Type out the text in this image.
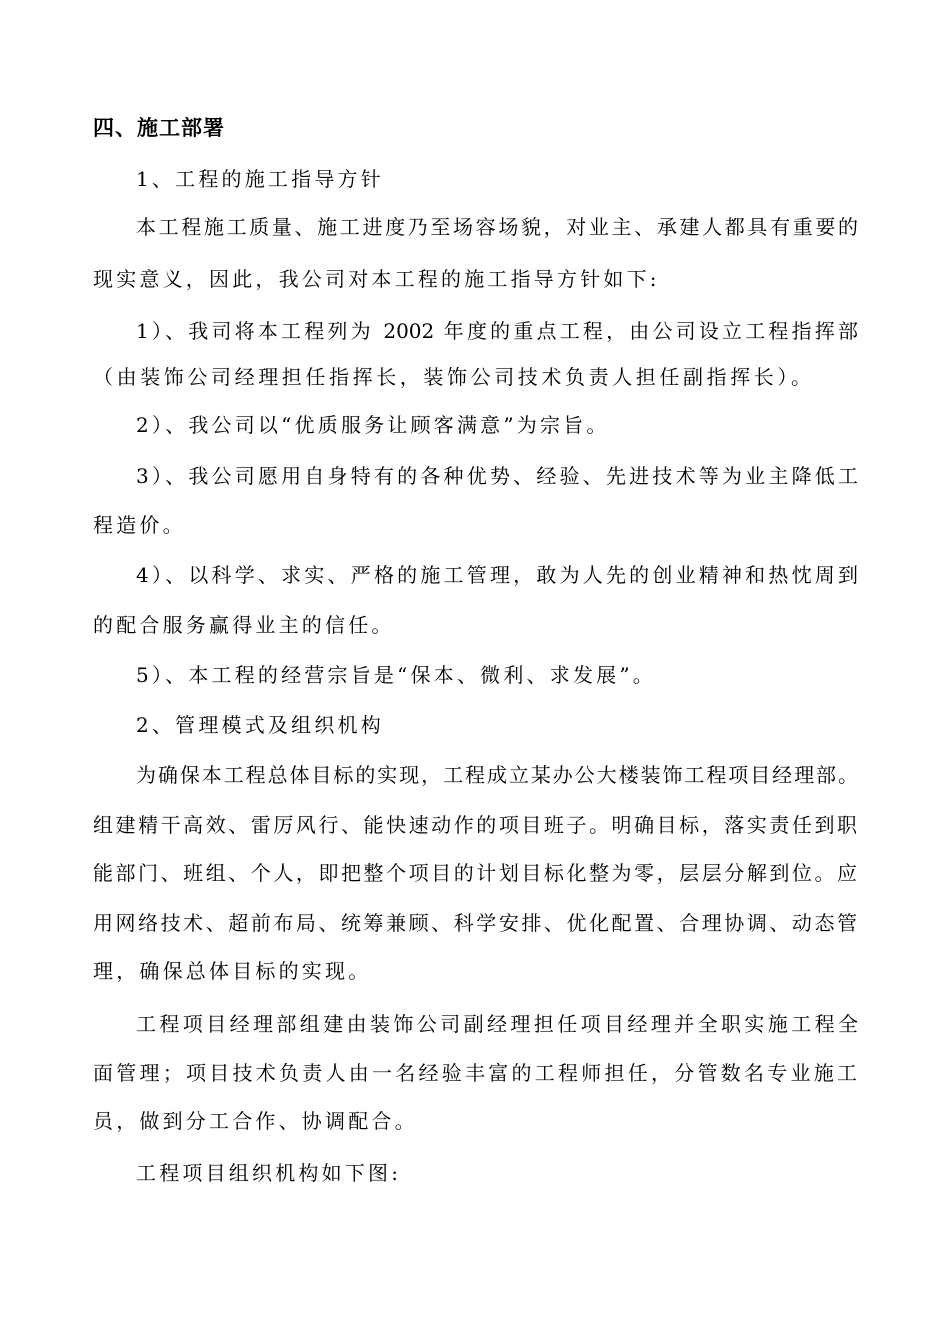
四、施工部署
1、工程的施工指导方针
本工程施工质量、施工进度乃至场容场貌，对业主、承建人都具有重要的
现实意义，因此，我公司对本工程的施工指导方针如下:
1）、我司将本工程列为 2002 年度的重点工程，由公司设立工程指挥部
（由装饰公司经理担任指挥长，装饰公司技术负责人担任副指挥长）。
2）、我公司以“优质服务让顾客满意”为宗旨。
3）、我公司愿用自身特有的各种优势、经验、先进技术等为业主降低工
程造价。
4）、以科学、求实、严格的施工管理，敢为人先的创业精神和热忱周到
的配合服务赢得业主的信任。
5）、本工程的经营宗旨是“保本、微利、求发展”。
2、管理模式及组织机构
为确保本工程总体目标的实现，工程成立某办公大楼装饰工程项目经理部。
组建精干高效、雷厉风行、能快速动作的项目班子。明确目标，落实责任到职
能部门、班组、个人，即把整个项目的计划目标化整为零，层层分解到位。应
用网络技术、超前布局、统筹兼顾、科学安排、优化配置、合理协调、动态管
理，确保总体目标的实现。
工程项目经理部组建由装饰公司副经理担任项目经理并全职实施工程全
面管理；项目技术负责人由一名经验丰富的工程师担任，分管数名专业施工
员，做到分工合作、协调配合。
工程项目组织机构如下图:
